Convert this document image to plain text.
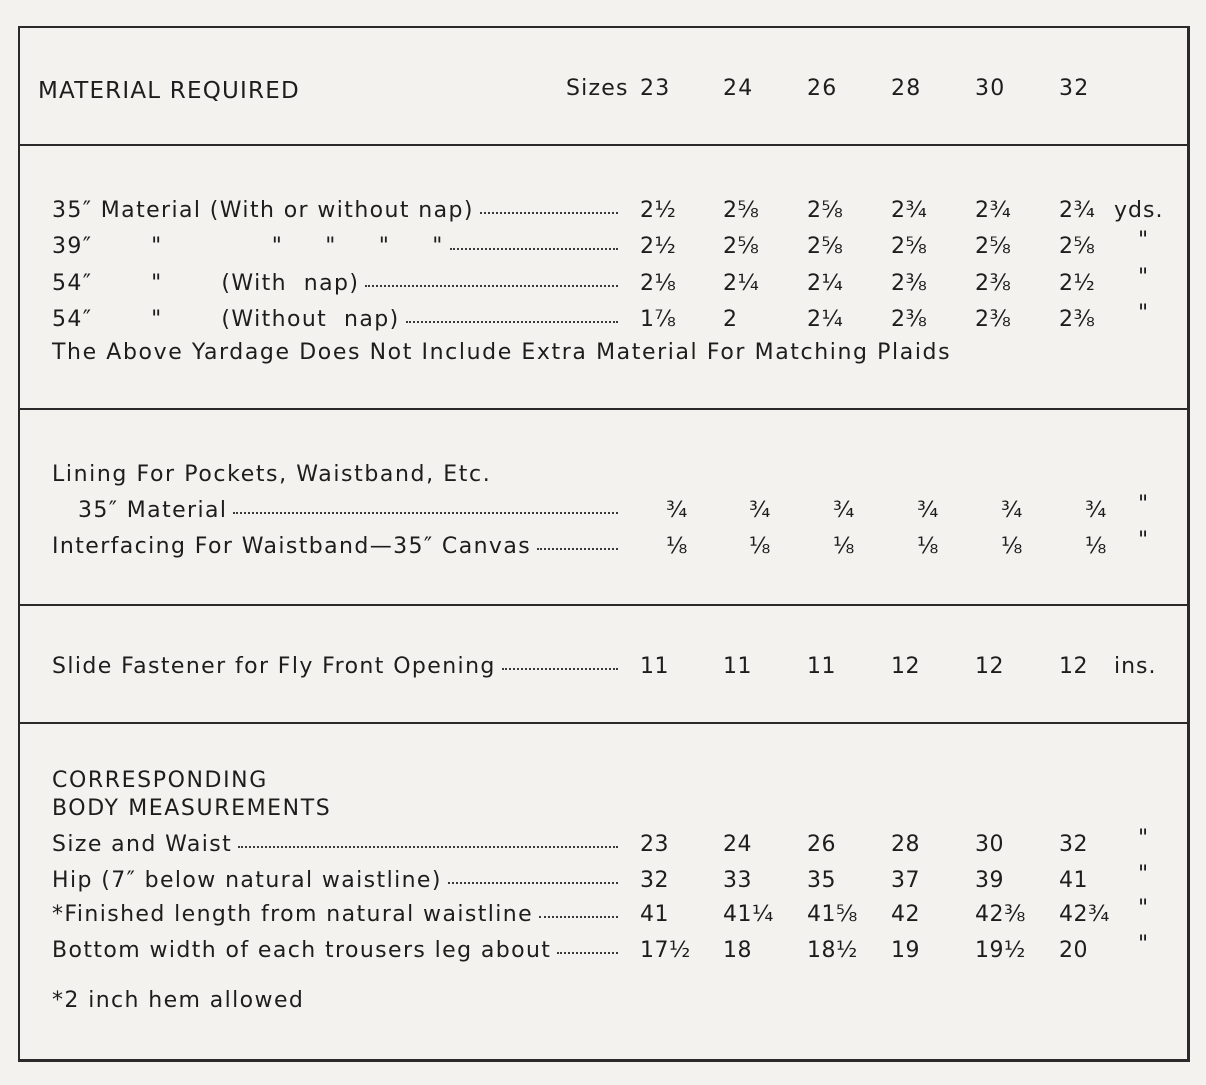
MATERIAL REQUIRED	Sizes 23 24 26 28 30 32
35″ Material (With or without nap)	2½ 2⅝ 2⅝ 2¾ 2¾ 2¾ yds.
39″       "             "     "     "     "	2½ 2⅝ 2⅝ 2⅝ 2⅝ 2⅝ "
54″       "       (With  nap)	2⅛ 2¼ 2¼ 2⅜ 2⅜ 2½ "
54″       "       (Without  nap)	1⅞ 2	2¼ 2⅜ 2⅜ 2⅜ "
The Above Yardage Does Not Include Extra Material For Matching Plaids
Lining For Pockets, Waistband, Etc.
35″ Material	¾	¾	¾	¾	¾	¾ "
Interfacing For Waistband—35″ Canvas	⅛	⅛	⅛	⅛	⅛	⅛ "
Slide Fastener for Fly Front Opening	11 11	11	12	12	12 ins.
CORRESPONDING
BODY MEASUREMENTS
Size and Waist	23 24	26	28	30	32 "
Hip (7″ below natural waistline)	32 33	35	37	39	41 "
*Finished length from natural waistline	41 41¼ 41⅝ 42	42⅜ 42¾ "
Bottom width of each trousers leg about	17½ 18	18½ 19	19½ 20 "
*2 inch hem allowed
